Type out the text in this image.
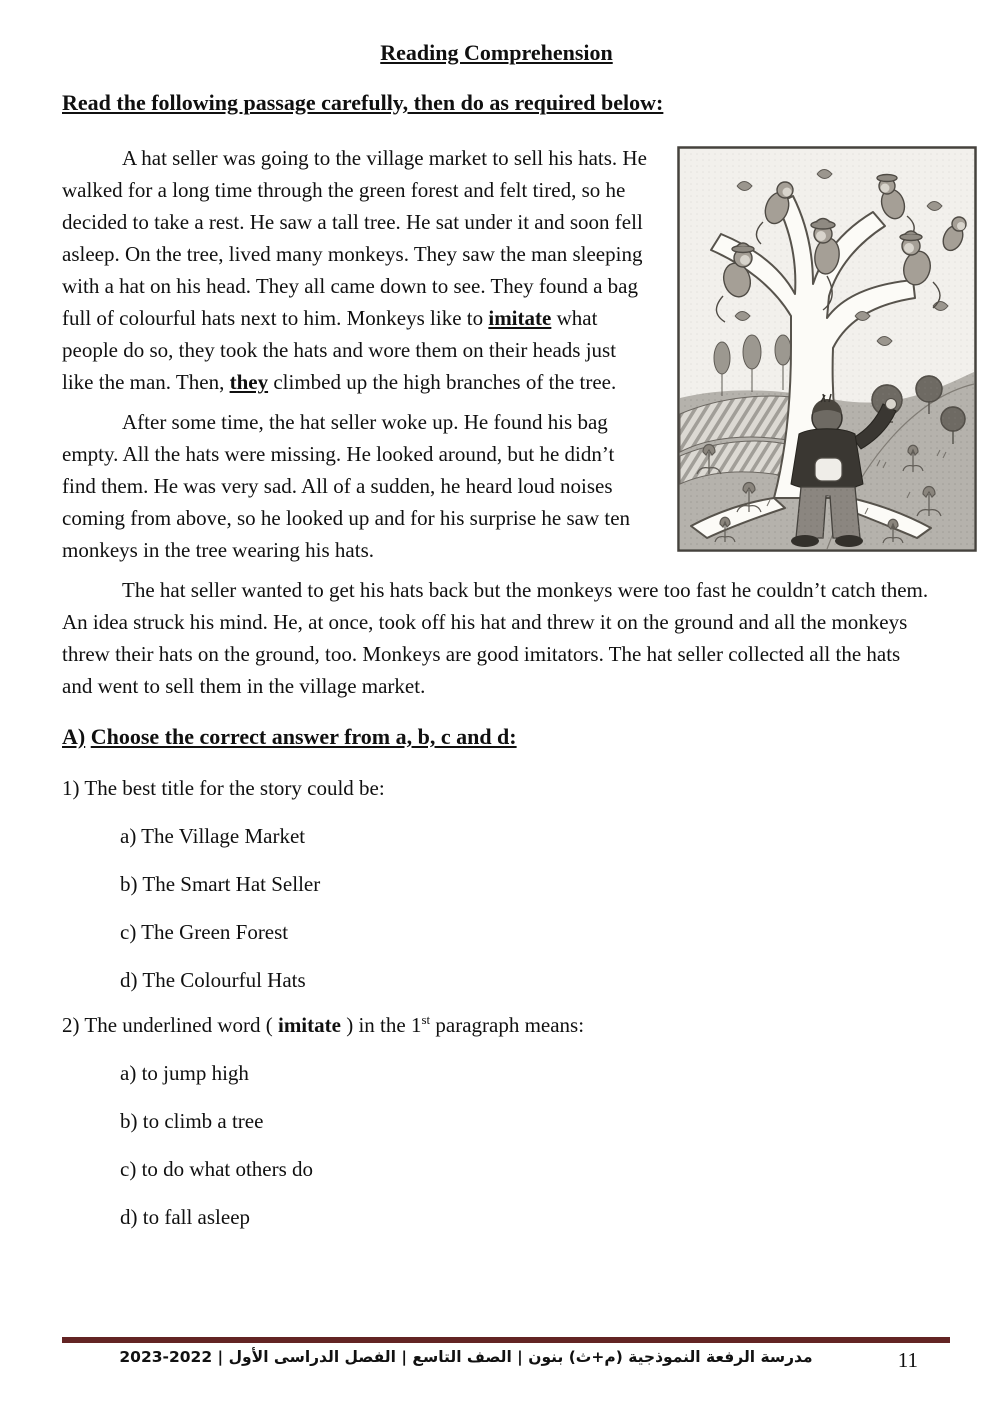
Reading Comprehension
Read the following passage carefully, then do as required below:

A hat seller was going to the village market to sell his hats. He walked for a long time through the green forest and felt tired, so he decided to take a rest. He saw a tall tree. He sat under it and soon fell asleep. On the tree, lived many monkeys. They saw the man sleeping with a hat on his head. They all came down to see. They found a bag full of colourful hats next to him. Monkeys like to imitate what people do so, they took the hats and wore them on their heads just like the man. Then, they climbed up the high branches of the tree.

After some time, the hat seller woke up. He found his bag empty. All the hats were missing. He looked around, but he didn’t find them. He was very sad. All of a sudden, he heard loud noises coming from above, so he looked up and for his surprise he saw ten monkeys in the tree wearing his hats.

The hat seller wanted to get his hats back but the monkeys were too fast he couldn’t catch them. An idea struck his mind. He, at once, took off his hat and threw it on the ground and all the monkeys threw their hats on the ground, too. Monkeys are good imitators. The hat seller collected all the hats and went to sell them in the village market.

A) Choose the correct answer from a, b, c and d:
1) The best title for the story could be:
a) The Village Market
b) The Smart Hat Seller
c) The Green Forest
d) The Colourful Hats
2) The underlined word ( imitate ) in the 1st paragraph means:
a) to jump high
b) to climb a tree
c) to do what others do
d) to fall asleep
مدرسة الرفعة النموذجية (م+ث) بنون | الصف التاسع | الفصل الدراسى الأول | 2022-2023	11
